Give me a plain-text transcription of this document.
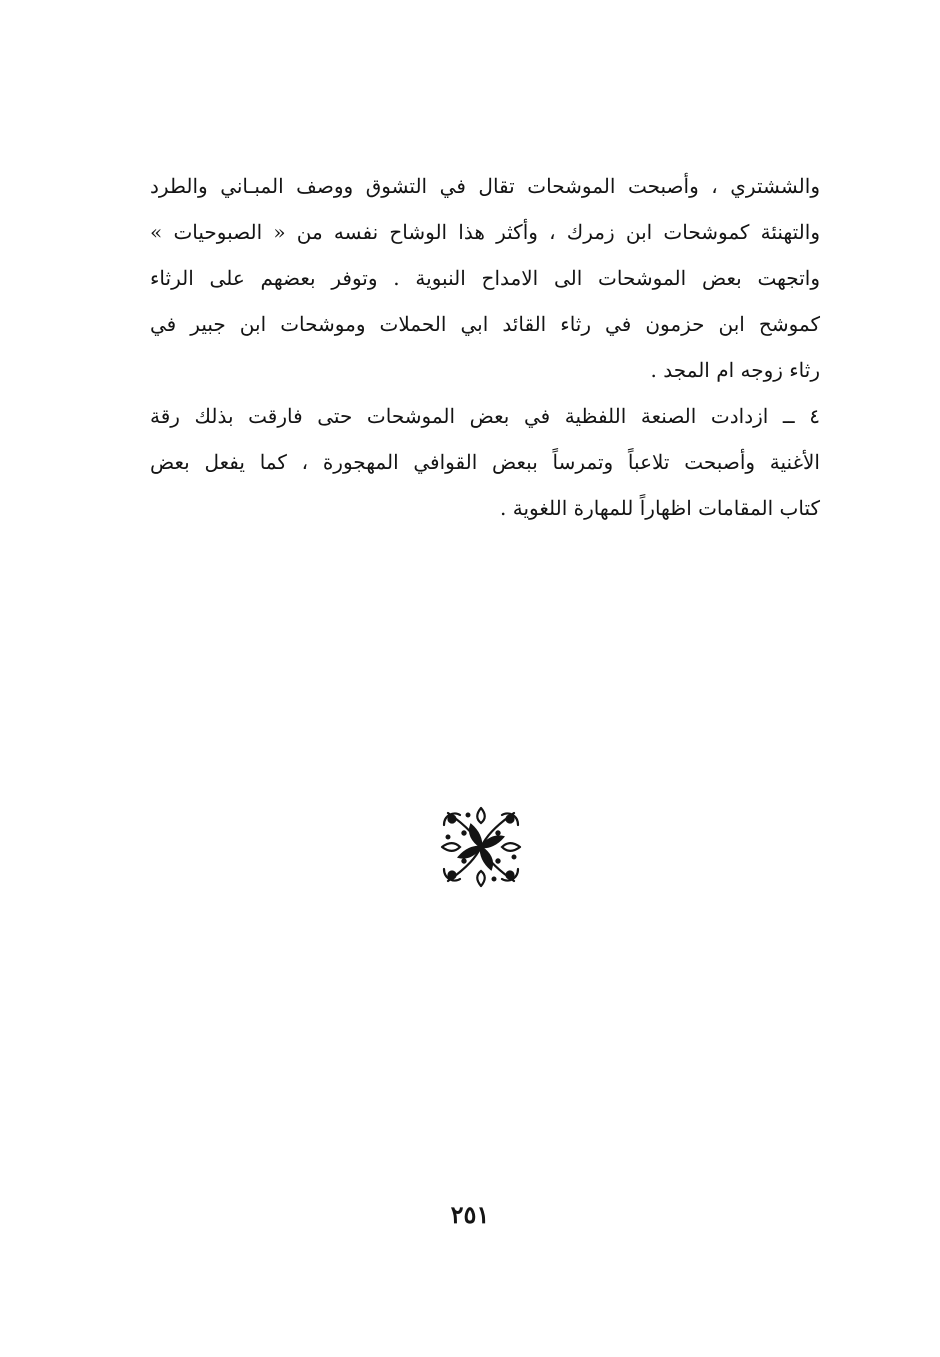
والششتري ، وأصبحت الموشحات تقال في التشوق ووصف المبـاني والطرد
والتهنئة كموشحات ابن زمرك ، وأكثر هذا الوشاح نفسه من « الصبوحيات »
واتجهت بعض الموشحات الى الامداح النبوية . وتوفر بعضهم على الرثاء
كموشح ابن حزمون في رثاء القائد ابي الحملات وموشحات ابن جبير في
رثاء زوجه ام المجد .
٤ ــ ازدادت الصنعة اللفظية في بعض الموشحات حتى فارقت بذلك رقة
الأغنية وأصبحت تلاعباً وتمرساً ببعض القوافي المهجورة ، كما يفعل بعض
كتاب المقامات اظهاراً للمهارة اللغوية .
٢٥١
